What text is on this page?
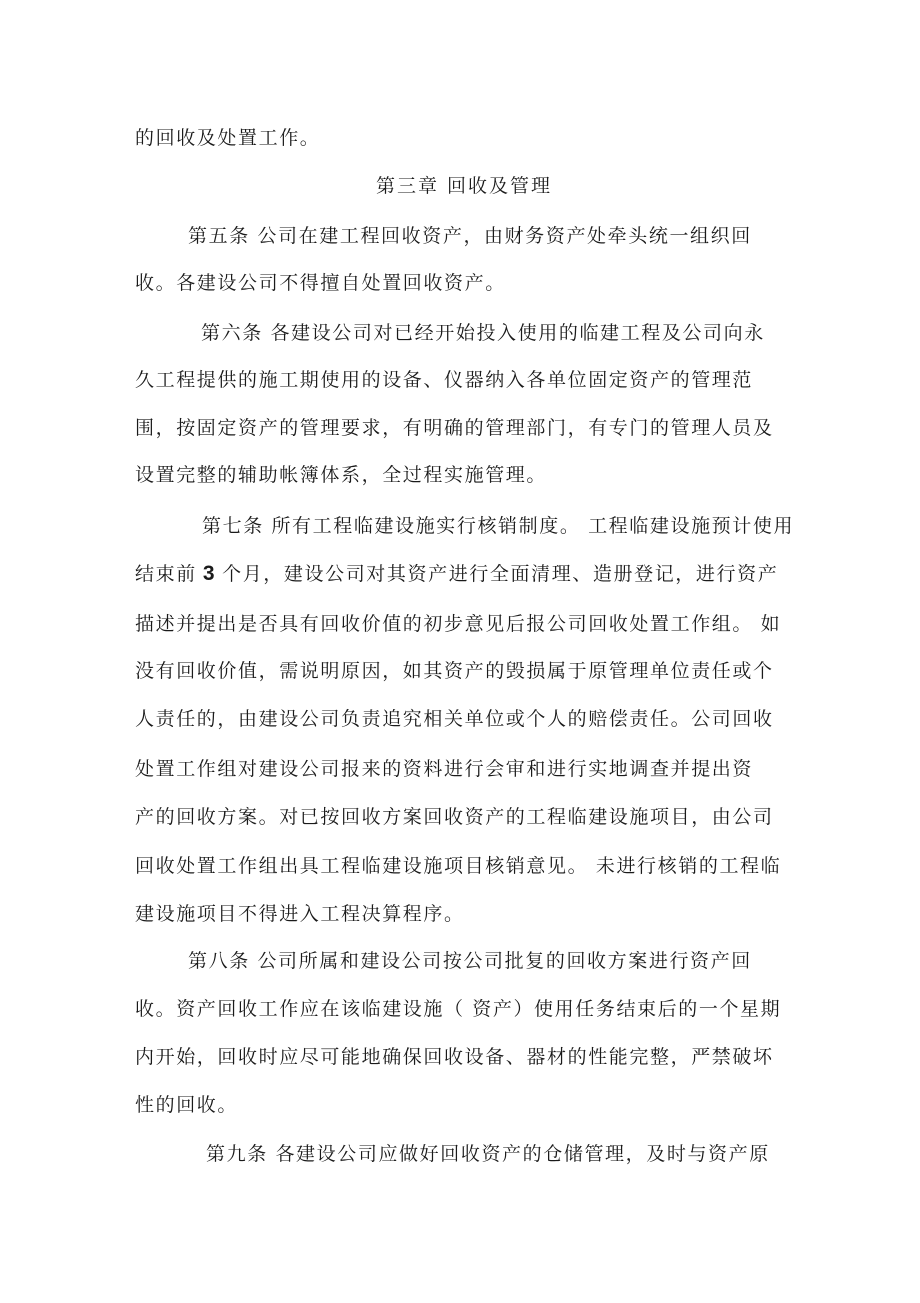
的回收及处置工作。
第三章 回收及管理
第五条 公司在建工程回收资产，由财务资产处牵头统一组织回
收。各建设公司不得擅自处置回收资产。
第六条 各建设公司对已经开始投入使用的临建工程及公司向永
久工程提供的施工期使用的设备、仪器纳入各单位固定资产的管理范
围，按固定资产的管理要求，有明确的管理部门，有专门的管理人员及
设置完整的辅助帐簿体系，全过程实施管理。
第七条 所有工程临建设施实行核销制度。 工程临建设施预计使用
结束前 3 个月，建设公司对其资产进行全面清理、造册登记，进行资产
描述并提出是否具有回收价值的初步意见后报公司回收处置工作组。 如
没有回收价值，需说明原因，如其资产的毁损属于原管理单位责任或个
人责任的，由建设公司负责追究相关单位或个人的赔偿责任。公司回收
处置工作组对建设公司报来的资料进行会审和进行实地调查并提出资
产的回收方案。对已按回收方案回收资产的工程临建设施项目，由公司
回收处置工作组出具工程临建设施项目核销意见。 未进行核销的工程临
建设施项目不得进入工程决算程序。
第八条 公司所属和建设公司按公司批复的回收方案进行资产回
收。资产回收工作应在该临建设施（ 资产）使用任务结束后的一个星期
内开始，回收时应尽可能地确保回收设备、器材的性能完整，严禁破坏
性的回收。
第九条 各建设公司应做好回收资产的仓储管理，及时与资产原
